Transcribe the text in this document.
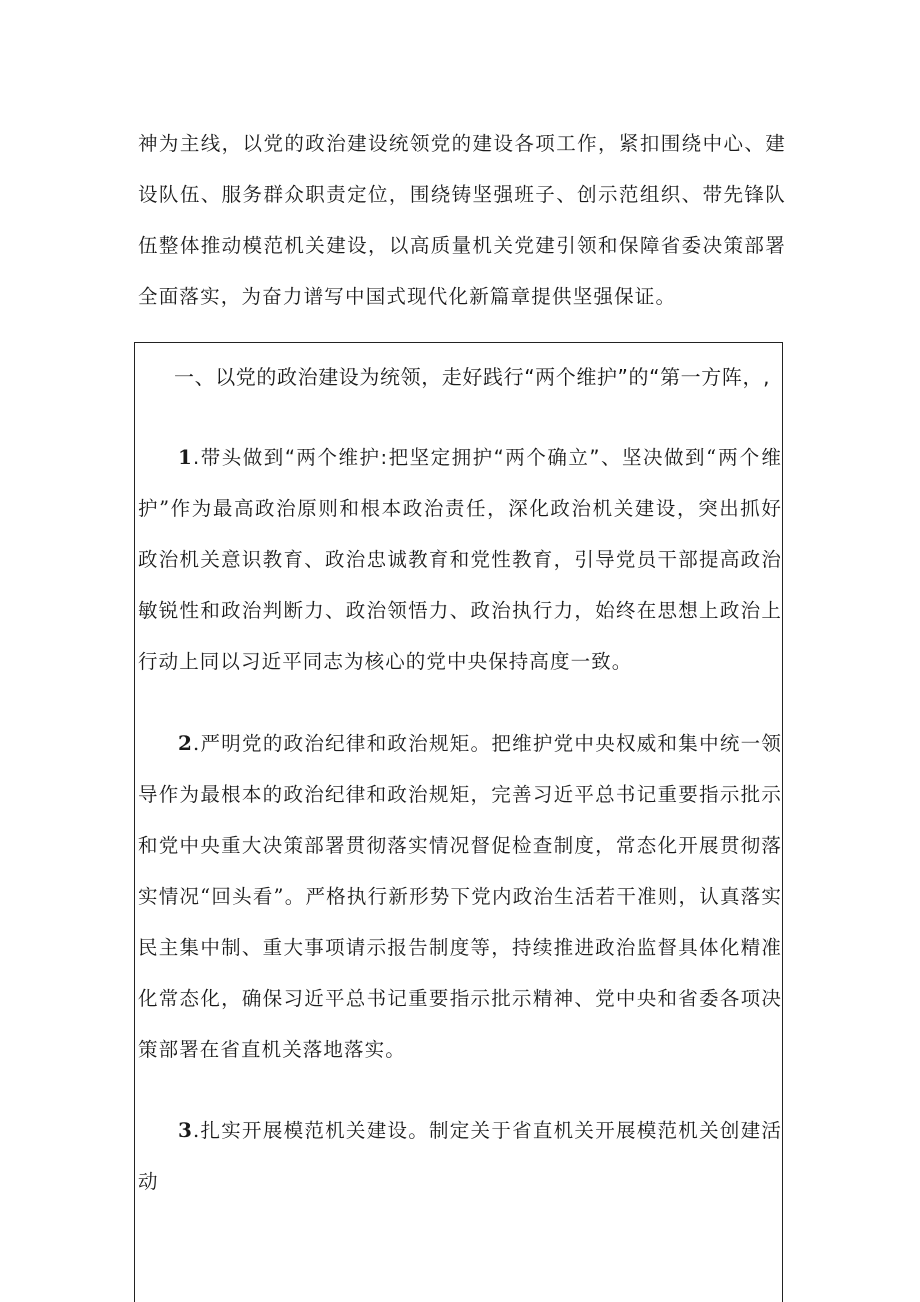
神为主线，以党的政治建设统领党的建设各项工作，紧扣围绕中心、建设队伍、服务群众职责定位，围绕铸坚强班子、创示范组织、带先锋队伍整体推动模范机关建设，以高质量机关党建引领和保障省委决策部署全面落实，为奋力谱写中国式现代化新篇章提供坚强保证。

一、以党的政治建设为统领，走好践行“两个维护”的“第一方阵，,

1.带头做到“两个维护:把坚定拥护“两个确立”、坚决做到“两个维护”作为最高政治原则和根本政治责任，深化政治机关建设，突出抓好政治机关意识教育、政治忠诚教育和党性教育，引导党员干部提高政治敏锐性和政治判断力、政治领悟力、政治执行力，始终在思想上政治上行动上同以习近平同志为核心的党中央保持高度一致。

2.严明党的政治纪律和政治规矩。把维护党中央权威和集中统一领导作为最根本的政治纪律和政治规矩，完善习近平总书记重要指示批示和党中央重大决策部署贯彻落实情况督促检查制度，常态化开展贯彻落实情况“回头看”。严格执行新形势下党内政治生活若干准则，认真落实民主集中制、重大事项请示报告制度等，持续推进政治监督具体化精准化常态化，确保习近平总书记重要指示批示精神、党中央和省委各项决策部署在省直机关落地落实。

3.扎实开展模范机关建设。制定关于省直机关开展模范机关创建活动
